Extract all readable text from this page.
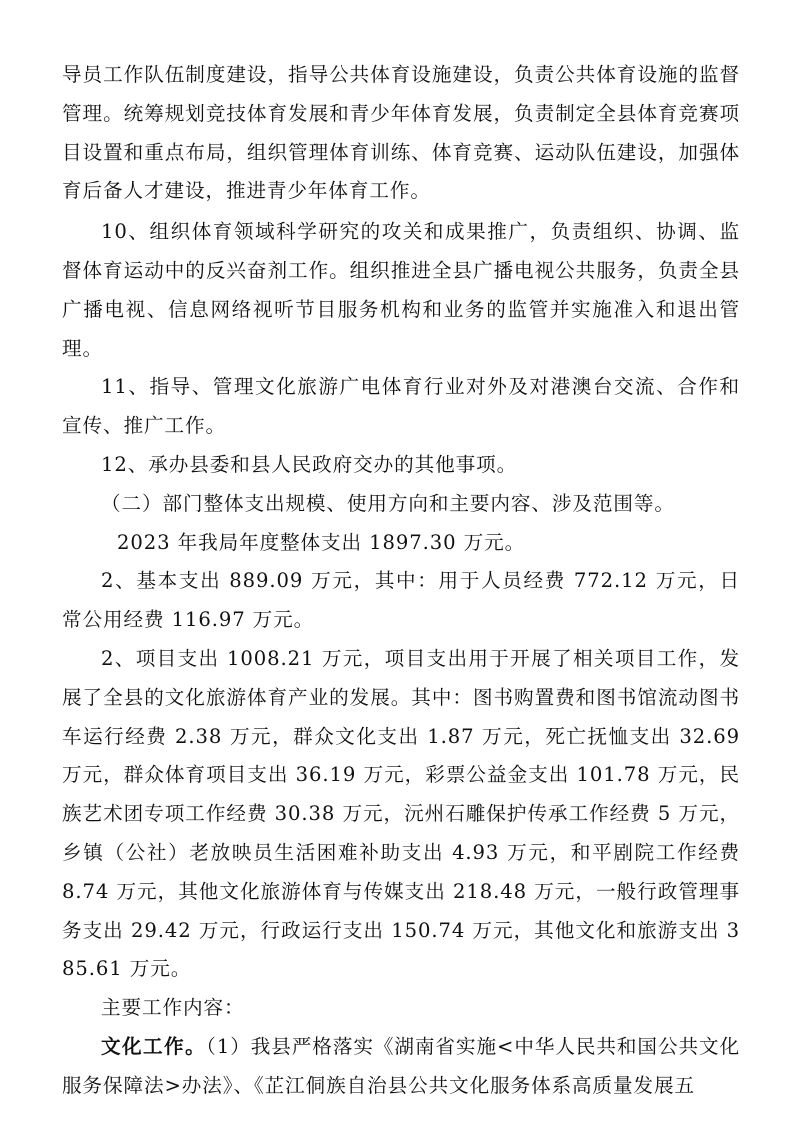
导员工作队伍制度建设，指导公共体育设施建设，负责公共体育设施的监督管理。统筹规划竞技体育发展和青少年体育发展，负责制定全县体育竞赛项目设置和重点布局，组织管理体育训练、体育竞赛、运动队伍建设，加强体育后备人才建设，推进青少年体育工作。

10、组织体育领域科学研究的攻关和成果推广，负责组织、协调、监督体育运动中的反兴奋剂工作。组织推进全县广播电视公共服务，负责全县广播电视、信息网络视听节目服务机构和业务的监管并实施准入和退出管理。

11、指导、管理文化旅游广电体育行业对外及对港澳台交流、合作和宣传、推广工作。

12、承办县委和县人民政府交办的其他事项。

（二）部门整体支出规模、使用方向和主要内容、涉及范围等。

2023 年我局年度整体支出 1897.30 万元。

2、基本支出 889.09 万元，其中：用于人员经费 772.12 万元，日常公用经费 116.97 万元。

2、项目支出 1008.21 万元，项目支出用于开展了相关项目工作，发展了全县的文化旅游体育产业的发展。其中：图书购置费和图书馆流动图书车运行经费 2.38 万元，群众文化支出 1.87 万元，死亡抚恤支出 32.69 万元，群众体育项目支出 36.19 万元，彩票公益金支出 101.78 万元，民族艺术团专项工作经费 30.38 万元，沅州石雕保护传承工作经费 5 万元，乡镇（公社）老放映员生活困难补助支出 4.93 万元，和平剧院工作经费 8.74 万元，其他文化旅游体育与传媒支出 218.48 万元，一般行政管理事务支出 29.42 万元，行政运行支出 150.74 万元，其他文化和旅游支出 385.61 万元。

主要工作内容：

文化工作。（1）我县严格落实《湖南省实施<中华人民共和国公共文化服务保障法>办法》、《芷江侗族自治县公共文化服务体系高质量发展五
